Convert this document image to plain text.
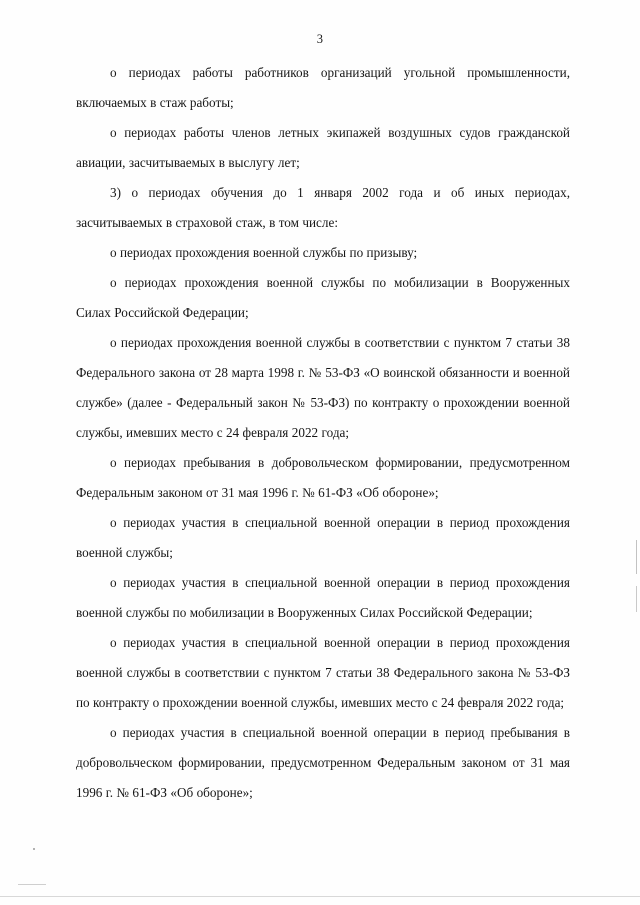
3

о периодах работы работников организаций угольной промышленности, включаемых в стаж работы;

о периодах работы членов летных экипажей воздушных судов гражданской авиации, засчитываемых в выслугу лет;

3) о периодах обучения до 1 января 2002 года и об иных периодах, засчитываемых в страховой стаж, в том числе:

о периодах прохождения военной службы по призыву;

о периодах прохождения военной службы по мобилизации в Вооруженных Силах Российской Федерации;

о периодах прохождения военной службы в соответствии с пунктом 7 статьи 38 Федерального закона от 28 марта 1998 г. № 53-ФЗ «О воинской обязанности и военной службе» (далее - Федеральный закон № 53-ФЗ) по контракту о прохождении военной службы, имевших место с 24 февраля 2022 года;

о периодах пребывания в добровольческом формировании, предусмотренном Федеральным законом от 31 мая 1996 г. № 61-ФЗ «Об обороне»;

о периодах участия в специальной военной операции в период прохождения военной службы;

о периодах участия в специальной военной операции в период прохождения военной службы по мобилизации в Вооруженных Силах Российской Федерации;

о периодах участия в специальной военной операции в период прохождения военной службы в соответствии с пунктом 7 статьи 38 Федерального закона № 53-ФЗ по контракту о прохождении военной службы, имевших место с 24 февраля 2022 года;

о периодах участия в специальной военной операции в период пребывания в добровольческом формировании, предусмотренном Федеральным законом от 31 мая 1996 г. № 61-ФЗ «Об обороне»;
